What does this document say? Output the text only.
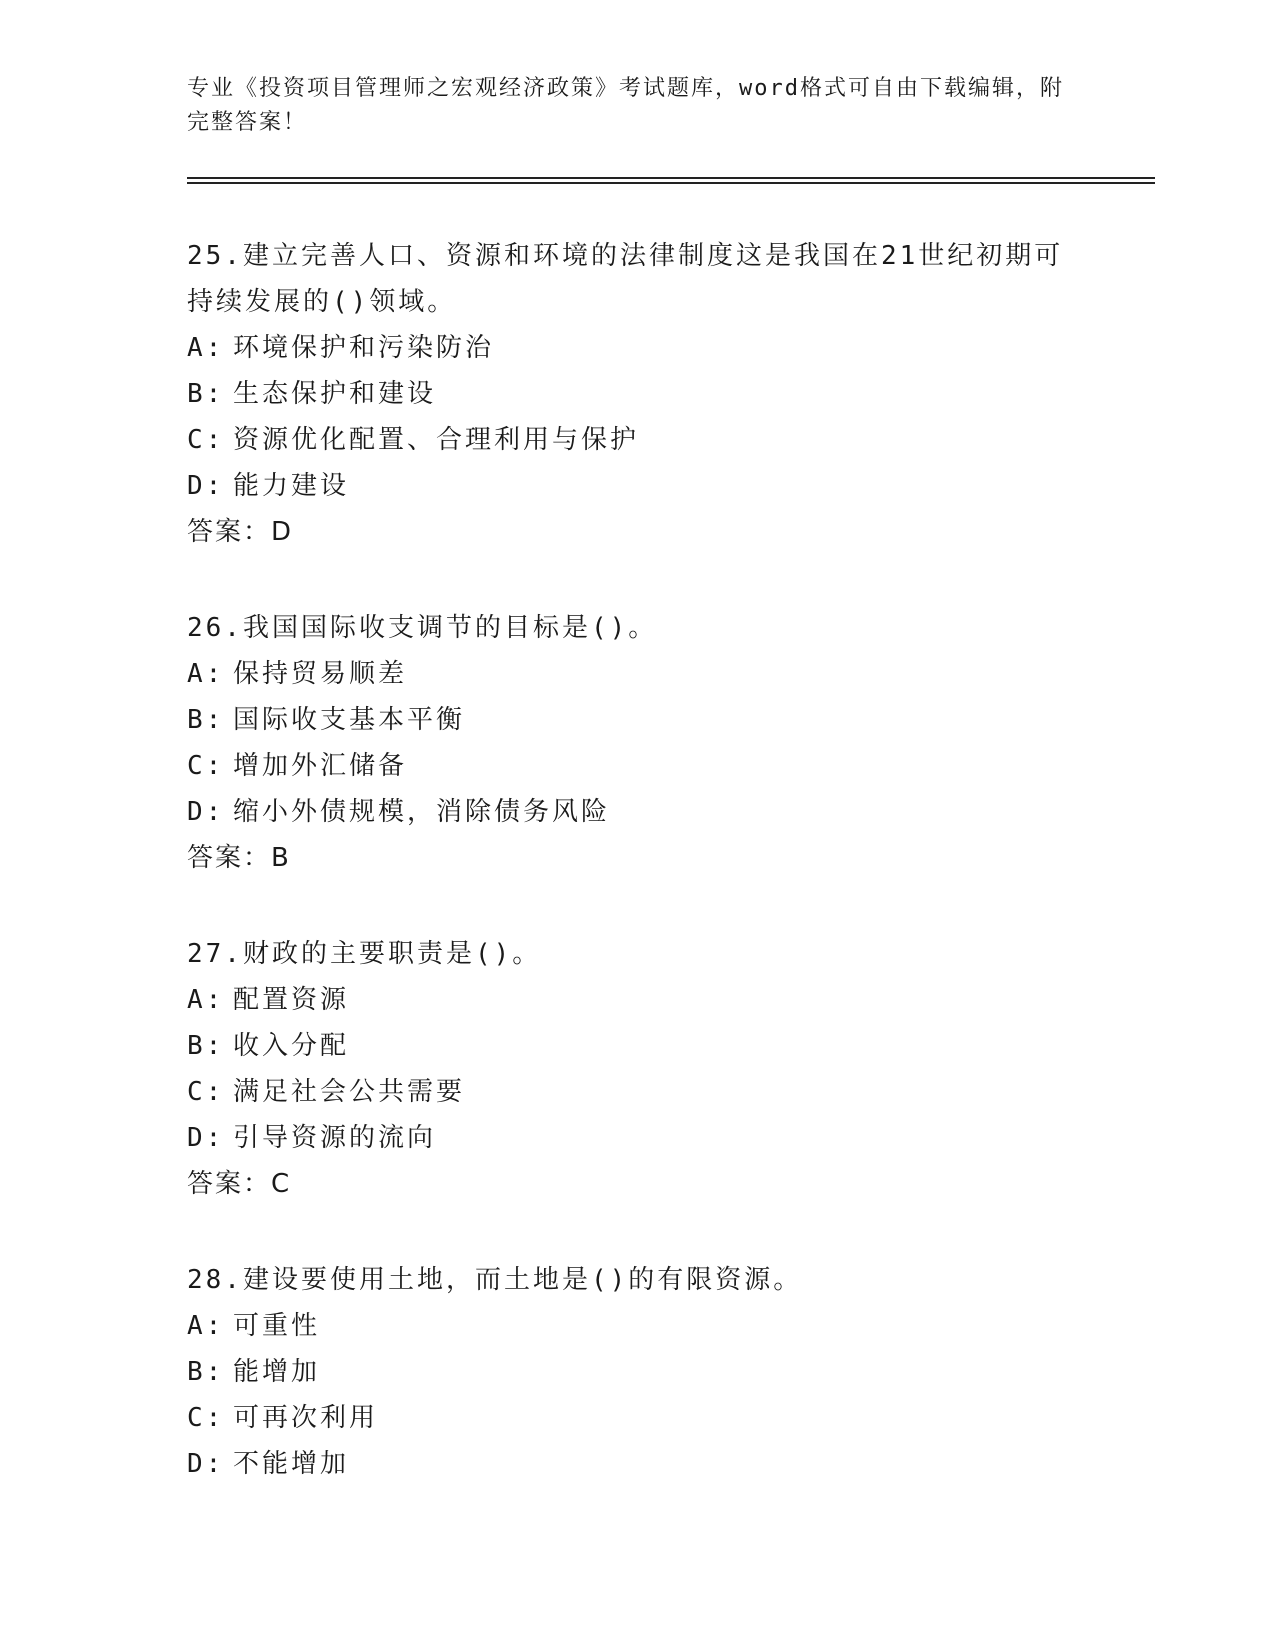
专业《投资项目管理师之宏观经济政策》考试题库，word格式可自由下载编辑，附完整答案！

25.建立完善人口、资源和环境的法律制度这是我国在21世纪初期可持续发展的()领域。

A: 环境保护和污染防治

B: 生态保护和建设

C: 资源优化配置、合理利用与保护

D: 能力建设

答案：D

26.我国国际收支调节的目标是()。

A: 保持贸易顺差

B: 国际收支基本平衡

C: 增加外汇储备

D: 缩小外债规模，消除债务风险

答案：B

27.财政的主要职责是()。

A: 配置资源

B: 收入分配

C: 满足社会公共需要

D: 引导资源的流向

答案：C

28.建设要使用土地，而土地是()的有限资源。

A: 可重性

B: 能增加

C: 可再次利用

D: 不能增加
